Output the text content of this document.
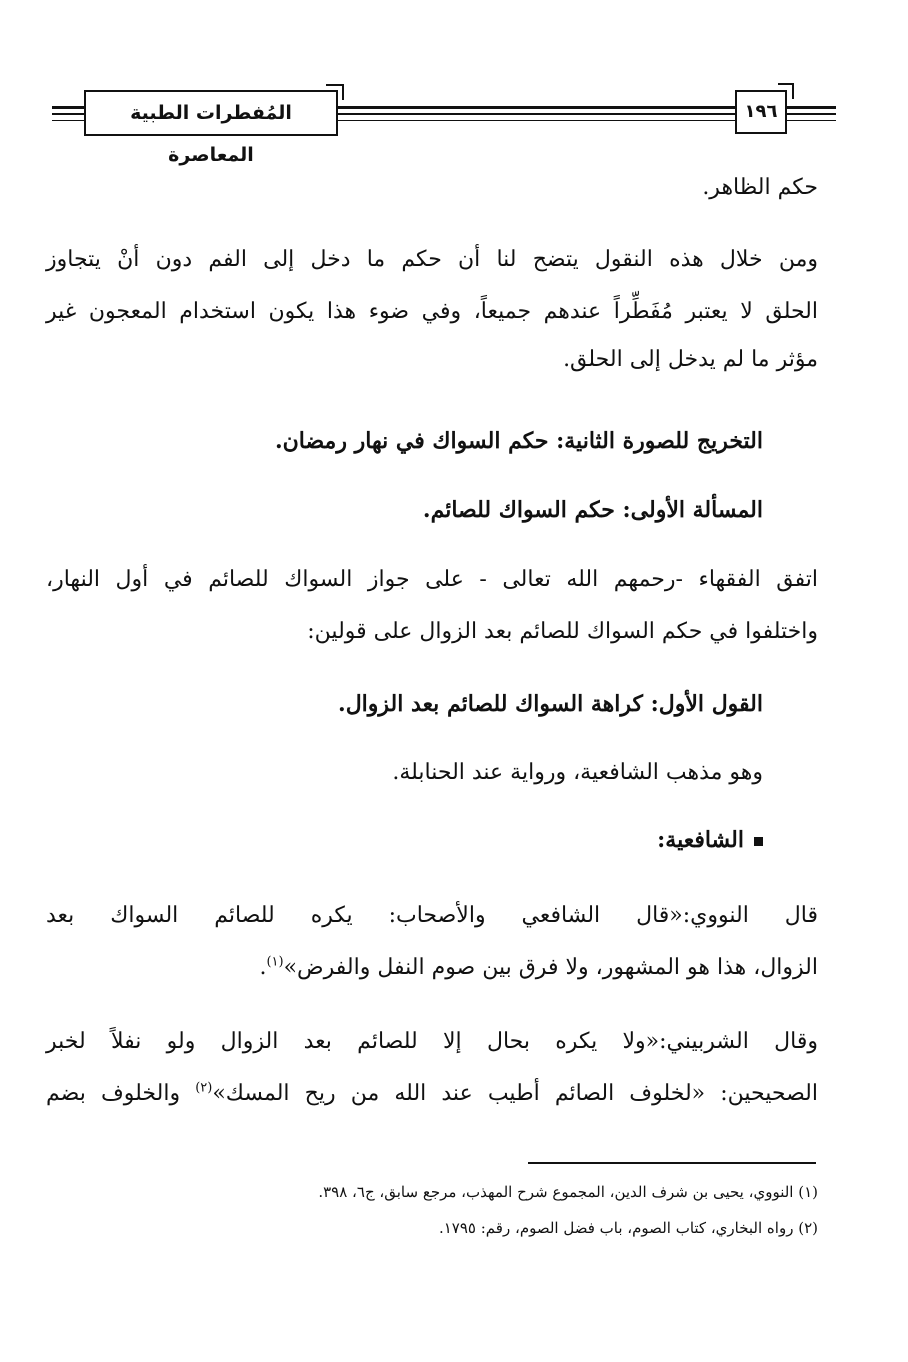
المُفطرات الطبية المعاصرة
١٩٦
حكم الظاهر.
ومن خلال هذه النقول يتضح لنا أن حكم ما دخل إلى الفم دون أنْ يتجاوز
الحلق لا يعتبر مُفَطِّراً عندهم جميعاً، وفي ضوء هذا يكون استخدام المعجون غير
مؤثر ما لم يدخل إلى الحلق.
التخريج للصورة الثانية: حكم السواك في نهار رمضان.
المسألة الأولى: حكم السواك للصائم.
اتفق الفقهاء -رحمهم الله تعالى - على جواز السواك للصائم في أول النهار،
واختلفوا في حكم السواك للصائم بعد الزوال على قولين:
القول الأول: كراهة السواك للصائم بعد الزوال.
وهو مذهب الشافعية، ورواية عند الحنابلة.
الشافعية:
قال النووي:«قال الشافعي والأصحاب: يكره للصائم السواك بعد
الزوال، هذا هو المشهور، ولا فرق بين صوم النفل والفرض»$^{(١)}$.
وقال الشربيني:«ولا يكره بحال إلا للصائم بعد الزوال ولو نفلاً لخبر
الصحيحين: «لخلوف الصائم أطيب عند الله من ريح المسك»$^{(٢)}$ والخلوف بضم
(١) النووي، يحيى بن شرف الدين، المجموع شرح المهذب، مرجع سابق، ج٦، ٣٩٨.
(٢) رواه البخاري، كتاب الصوم، باب فضل الصوم، رقم: ١٧٩٥.
